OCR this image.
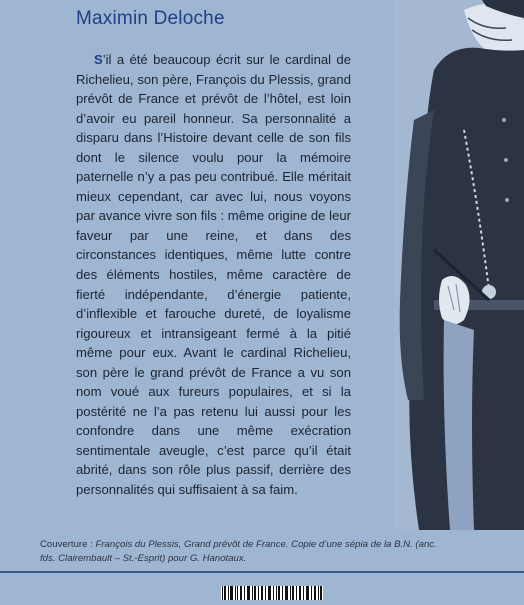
Maximin Deloche

S’il a été beaucoup écrit sur le cardinal de Richelieu, son père, François du Plessis, grand prévôt de France et prévôt de l’hôtel, est loin d’avoir eu pareil honneur. Sa personnalité a disparu dans l’Histoire devant celle de son fils dont le silence voulu pour la mémoire paternelle n’y a pas peu contribué. Elle méritait mieux cependant, car avec lui, nous voyons par avance vivre son fils : même origine de leur faveur par une reine, et dans des circonstances identiques, même lutte contre des éléments hostiles, même caractère de fierté indépendante, d’énergie patiente, d’inflexible et farouche dureté, de loyalisme rigoureux et intransigeant fermé à la pitié même pour eux. Avant le cardinal Richelieu, son père le grand prévôt de France a vu son nom voué aux fureurs populaires, et si la postérité ne l’a pas retenu lui aussi pour les confondre dans une même exécration sentimentale aveugle, c’est parce qu’il était abrité, dans son rôle plus passif, derrière des personnalités qui suffisaient à sa faim.

Couverture : François du Plessis, Grand prévôt de France. Copie d’une sépia de la B.N. (anc. fds. Clairembault – St.-Esprit) pour G. Hanotaux.
